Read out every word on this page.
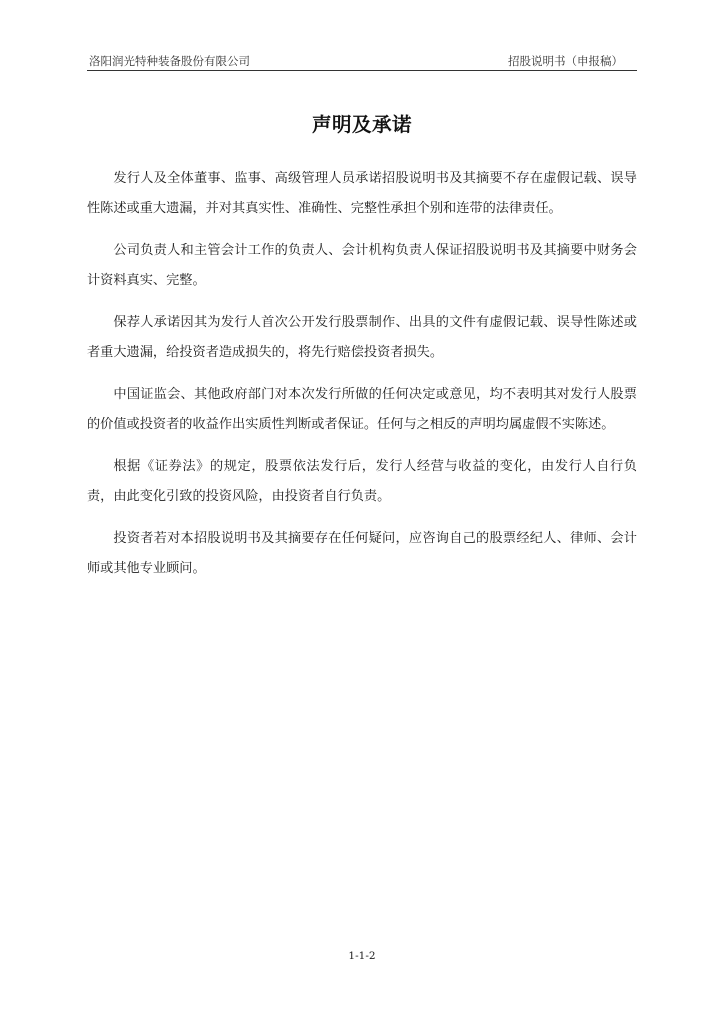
洛阳润光特种装备股份有限公司	招股说明书（申报稿）
声明及承诺

发行人及全体董事、监事、高级管理人员承诺招股说明书及其摘要不存在虚假记载、误导性陈述或重大遗漏，并对其真实性、准确性、完整性承担个别和连带的法律责任。

公司负责人和主管会计工作的负责人、会计机构负责人保证招股说明书及其摘要中财务会计资料真实、完整。

保荐人承诺因其为发行人首次公开发行股票制作、出具的文件有虚假记载、误导性陈述或者重大遗漏，给投资者造成损失的，将先行赔偿投资者损失。

中国证监会、其他政府部门对本次发行所做的任何决定或意见，均不表明其对发行人股票的价值或投资者的收益作出实质性判断或者保证。任何与之相反的声明均属虚假不实陈述。

根据《证券法》的规定，股票依法发行后，发行人经营与收益的变化，由发行人自行负责，由此变化引致的投资风险，由投资者自行负责。

投资者若对本招股说明书及其摘要存在任何疑问，应咨询自己的股票经纪人、律师、会计师或其他专业顾问。

1-1-2
